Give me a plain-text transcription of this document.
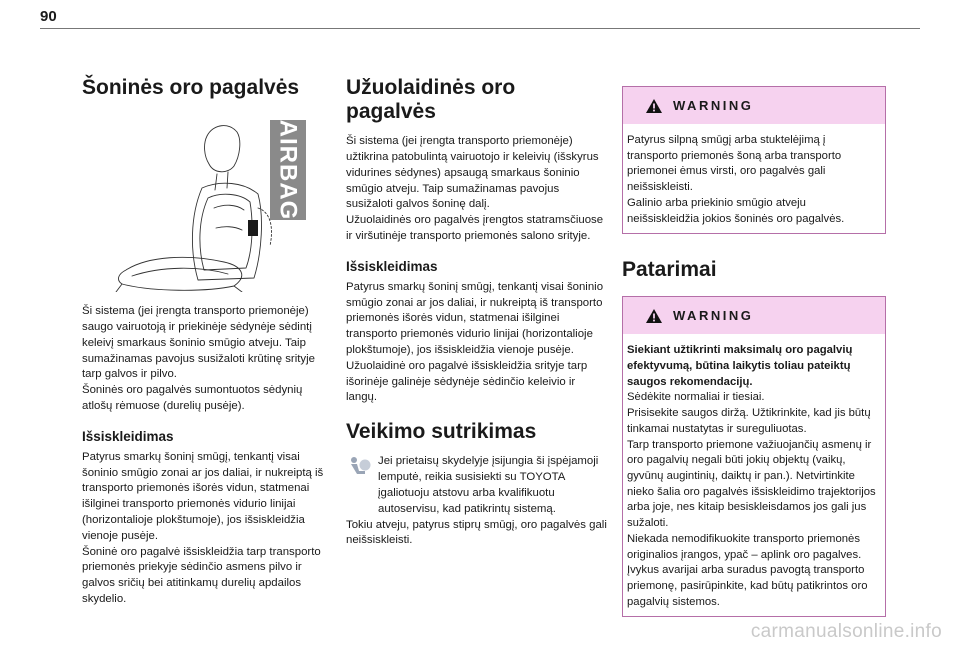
90
Šoninės oro pagalvės
AIRBAG

Ši sistema (jei įrengta transporto priemonėje) saugo vairuotoją ir priekinėje sėdynėje sėdintį keleivį smarkaus šoninio smūgio atveju. Taip sumažinamas pavojus susižaloti krūtinę srityje tarp galvos ir pilvo.

Šoninės oro pagalvės sumontuotos sėdynių atlošų rėmuose (durelių pusėje).

Išsiskleidimas

Patyrus smarkų šoninį smūgį, tenkantį visai šoninio smūgio zonai ar jos daliai, ir nukreiptą iš transporto priemonės išorės vidun, statmenai išilginei transporto priemonės vidurio linijai (horizontalioje plokštumoje), jos išsiskleidžia vienoje pusėje.

Šoninė oro pagalvė išsiskleidžia tarp transporto priemonės priekyje sėdinčio asmens pilvo ir galvos sričių bei atitinkamų durelių apdailos skydelio.

Užuolaidinės oro pagalvės

Ši sistema (jei įrengta transporto priemonėje) užtikrina patobulintą vairuotojo ir keleivių (išskyrus vidurines sėdynes) apsaugą smarkaus šoninio smūgio atveju. Taip sumažinamas pavojus susižaloti galvos šoninę dalį.

Užuolaidinės oro pagalvės įrengtos statramsčiuose ir viršutinėje transporto priemonės salono srityje.

Išsiskleidimas

Patyrus smarkų šoninį smūgį, tenkantį visai šoninio smūgio zonai ar jos daliai, ir nukreiptą iš transporto priemonės išorės vidun, statmenai išilginei transporto priemonės vidurio linijai (horizontalioje plokštumoje), jos išsiskleidžia vienoje pusėje.

Užuolaidinė oro pagalvė išsiskleidžia srityje tarp išorinėje galinėje sėdynėje sėdinčio keleivio ir langų.

Veikimo sutrikimas

Jei prietaisų skydelyje įsijungia ši įspėjamoji lemputė, reikia susisiekti su TOYOTA įgaliotuoju atstovu arba kvalifikuotu autoservisu, kad patikrintų sistemą.

Tokiu atveju, patyrus stiprų smūgį, oro pagalvės gali neišsiskleisti.

WARNING

Patyrus silpną smūgį arba stuktelėjimą į transporto priemonės šoną arba transporto priemonei ėmus virsti, oro pagalvės gali neišsiskleisti.

Galinio arba priekinio smūgio atveju neišsiskleidžia jokios šoninės oro pagalvės.

Patarimai
WARNING

Siekiant užtikrinti maksimalų oro pagalvių efektyvumą, būtina laikytis toliau pateiktų saugos rekomendacijų.

Sėdėkite normaliai ir tiesiai.

Prisisekite saugos diržą. Užtikrinkite, kad jis būtų tinkamai nustatytas ir sureguliuotas.

Tarp transporto priemone važiuojančių asmenų ir oro pagalvių negali būti jokių objektų (vaikų, gyvūnų augintinių, daiktų ir pan.). Netvirtinkite nieko šalia oro pagalvės išsiskleidimo trajektorijos arba joje, nes kitaip besiskleisdamos jos gali jus sužaloti.

Niekada nemodifikuokite transporto priemonės originalios įrangos, ypač – aplink oro pagalves.

Įvykus avarijai arba suradus pavogtą transporto priemonę, pasirūpinkite, kad būtų patikrintos oro pagalvių sistemos.

carmanualsonline.info
